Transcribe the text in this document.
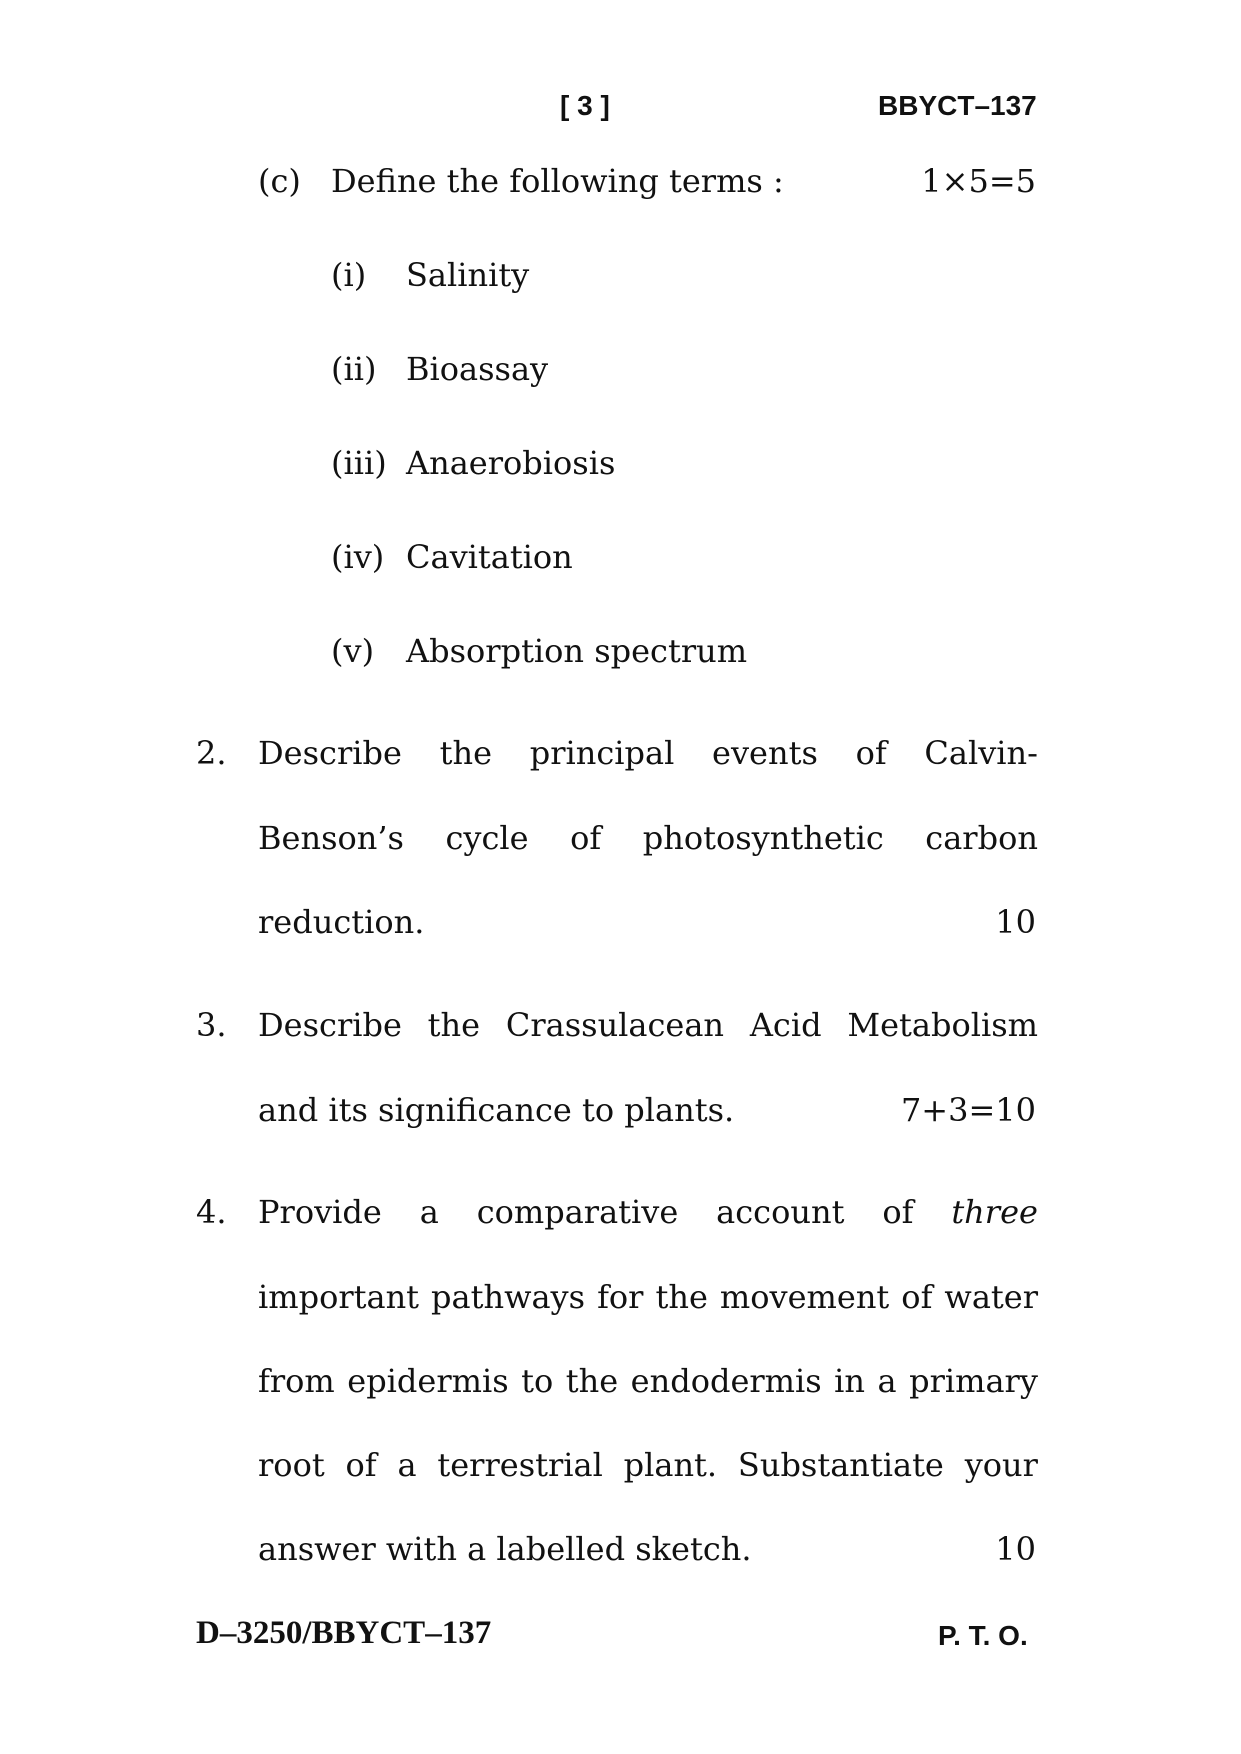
[ 3 ]	BBYCT–137
(c) Define the following terms :	1×5=5
(i) Salinity
(ii) Bioassay
(iii) Anaerobiosis
(iv) Cavitation
(v) Absorption spectrum
2. Describe the principal events of Calvin-
Benson’s cycle of photosynthetic carbon
reduction.	10
3. Describe the Crassulacean Acid Metabolism
and its significance to plants.	7+3=10
4. Provide a comparative account of three
important pathways for the movement of water
from epidermis to the endodermis in a primary
root of a terrestrial plant. Substantiate your
answer with a labelled sketch.	10
D–3250/BBYCT–137	P. T. O.
